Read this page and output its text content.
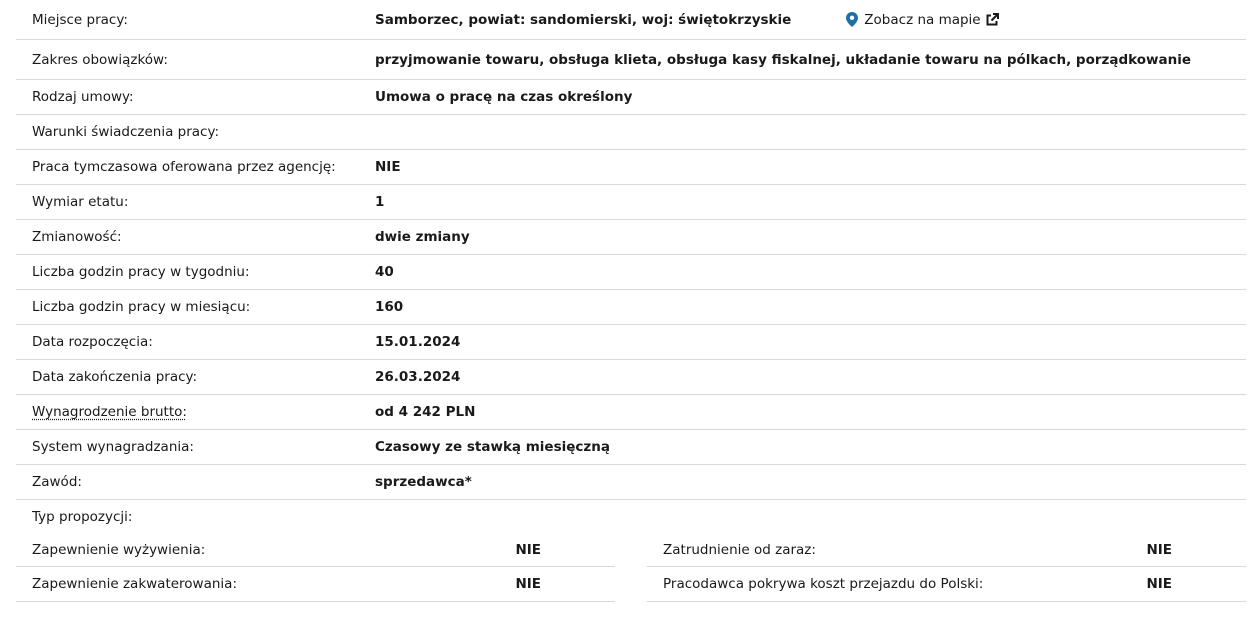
Miejsce pracy:	Samborzec, powiat: sandomierski, woj: świętokrzyskie	Zobacz na mapie
Zakres obowiązków:	przyjmowanie towaru, obsługa klieta, obsługa kasy fiskalnej, układanie towaru na pólkach, porządkowanie
Rodzaj umowy:	Umowa o pracę na czas określony
Warunki świadczenia pracy:
Praca tymczasowa oferowana przez agencję:	NIE
Wymiar etatu:	1
Zmianowość:	dwie zmiany
Liczba godzin pracy w tygodniu:	40
Liczba godzin pracy w miesiącu:	160
Data rozpoczęcia:	15.01.2024
Data zakończenia pracy:	26.03.2024
Wynagrodzenie brutto:	od 4 242 PLN
System wynagradzania:	Czasowy ze stawką miesięczną
Zawód:	sprzedawca*
Typ propozycji:
Zapewnienie wyżywienia:	NIE
Zapewnienie zakwaterowania:	NIE
Zatrudnienie od zaraz:	NIE
Pracodawca pokrywa koszt przejazdu do Polski:	NIE
